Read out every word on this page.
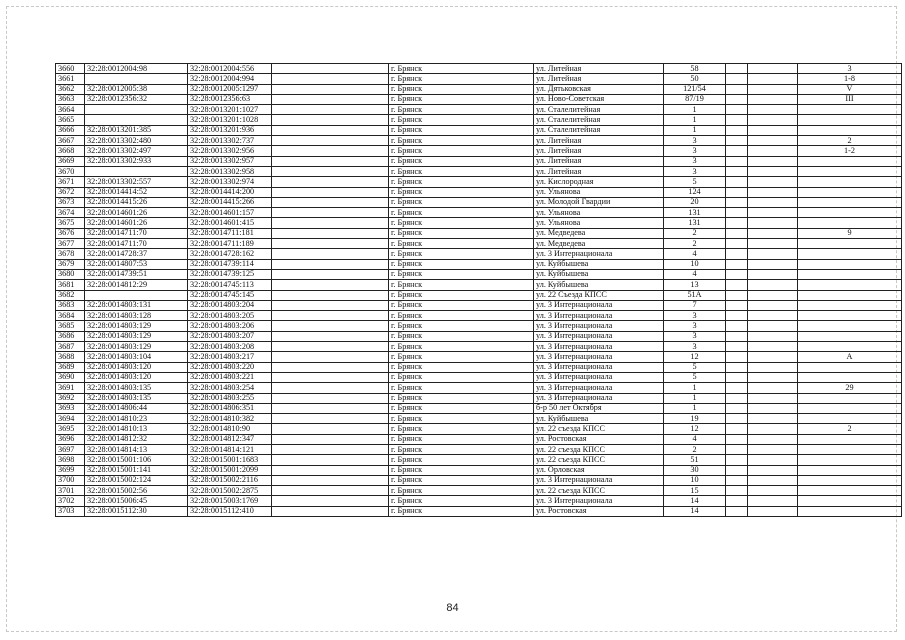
3660	32:28:0012004:98	32:28:0012004:556		г. Брянск	ул. Литейная	58			3
3661		32:28:0012004:994		г. Брянск	ул. Литейная	50			1-8
3662	32:28:0012005:38	32:28:0012005:1297		г. Брянск	ул. Дятьковская	121/54			V
3663	32:28:0012356:32	32:28:0012356:63		г. Брянск	ул. Ново-Советская	87/19			III
3664		32:28:0013201:1027		г. Брянск	ул. Сталелитейная	1			
3665		32:28:0013201:1028		г. Брянск	ул. Сталелитейная	1			
3666	32:28:0013201:385	32:28:0013201:936		г. Брянск	ул. Сталелитейная	1			
3667	32:28:0013302:480	32:28:0013302:737		г. Брянск	ул. Литейная	3			2
3668	32:28:0013302:497	32:28:0013302:956		г. Брянск	ул. Литейная	3			1-2
3669	32:28:0013302:933	32:28:0013302:957		г. Брянск	ул. Литейная	3			
3670		32:28:0013302:958		г. Брянск	ул. Литейная	3			
3671	32:28:0013302:557	32:28:0013302:974		г. Брянск	ул. Кислородная	5			
3672	32:28:0014414:52	32:28:0014414:200		г. Брянск	ул. Ульянова	124			
3673	32:28:0014415:26	32:28:0014415:266		г. Брянск	ул. Молодой Гвардии	20			
3674	32:28:0014601:26	32:28:0014601:157		г. Брянск	ул. Ульянова	131			
3675	32:28:0014601:26	32:28:0014601:415		г. Брянск	ул. Ульянова	131			
3676	32:28:0014711:70	32:28:0014711:181		г. Брянск	ул. Медведева	2			9
3677	32:28:0014711:70	32:28:0014711:189		г. Брянск	ул. Медведева	2			
3678	32:28:0014728:37	32:28:0014728:162		г. Брянск	ул. 3 Интернационала	4			
3679	32:28:0014807:53	32:28:0014739:114		г. Брянск	ул. Куйбышева	10			
3680	32:28:0014739:51	32:28:0014739:125		г. Брянск	ул. Куйбышева	4			
3681	32:28:0014812:29	32:28:0014745:113		г. Брянск	ул. Куйбышева	13			
3682		32:28:0014745:145		г. Брянск	ул. 22 Съезда КПСС	51А			
3683	32:28:0014803:131	32:28:0014803:204		г. Брянск	ул. 3 Интернационала	7			
3684	32:28:0014803:128	32:28:0014803:205		г. Брянск	ул. 3 Интернационала	3			
3685	32:28:0014803:129	32:28:0014803:206		г. Брянск	ул. 3 Интернационала	3			
3686	32:28:0014803:129	32:28:0014803:207		г. Брянск	ул. 3 Интернационала	3			
3687	32:28:0014803:129	32:28:0014803:208		г. Брянск	ул. 3 Интернационала	3			
3688	32:28:0014803:104	32:28:0014803:217		г. Брянск	ул. 3 Интернационала	12			А
3689	32:28:0014803:120	32:28:0014803:220		г. Брянск	ул. 3 Интернационала	5			
3690	32:28:0014803:120	32:28:0014803:221		г. Брянск	ул. 3 Интернационала	5			
3691	32:28:0014803:135	32:28:0014803:254		г. Брянск	ул. 3 Интернационала	1			29
3692	32:28:0014803:135	32:28:0014803:255		г. Брянск	ул. 3 Интернационала	1			
3693	32:28:0014806:44	32:28:0014806:351		г. Брянск	б-р 50 лет Октября	1			
3694	32:28:0014810:23	32:28:0014810:382		г. Брянск	ул. Куйбышева	19			
3695	32:28:0014810:13	32:28:0014810:90		г. Брянск	ул. 22 съезда КПСС	12			2
3696	32:28:0014812:32	32:28:0014812:347		г. Брянск	ул. Ростовская	4			
3697	32:28:0014814:13	32:28:0014814:121		г. Брянск	ул. 22 съезда КПСС	2			
3698	32:28:0015001:106	32:28:0015001:1683		г. Брянск	ул. 22 съезда КПСС	51			
3699	32:28:0015001:141	32:28:0015001:2099		г. Брянск	ул. Орловская	30			
3700	32:28:0015002:124	32:28:0015002:2116		г. Брянск	ул. 3 Интернационала	10			
3701	32:28:0015002:56	32:28:0015002:2875		г. Брянск	ул. 22 съезда КПСС	15			
3702	32:28:0015006:45	32:28:0015003:1769		г. Брянск	ул. 3 Интернационала	14			
3703	32:28:0015112:30	32:28:0015112:410		г. Брянск	ул. Ростовская	14			
84
